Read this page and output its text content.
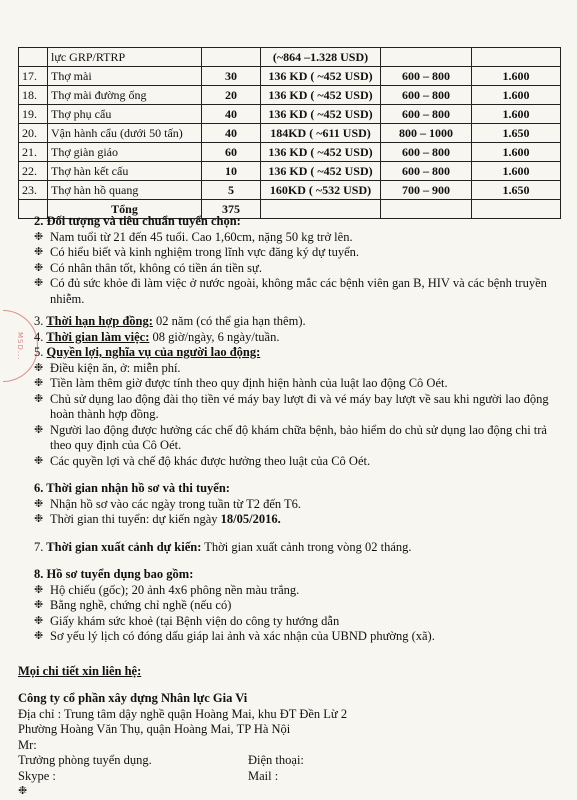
	lực GRP/RTRP		(~864 –1.328 USD)		
17.	Thợ mài	30	136 KD ( ~452 USD)	600 – 800	1.600
18.	Thợ mài đường ống	20	136 KD ( ~452 USD)	600 – 800	1.600
19.	Thợ phụ cẩu	40	136 KD ( ~452 USD)	600 – 800	1.600
20.	Vận hành cẩu (dưới 50 tấn)	40	184KD ( ~611 USD)	800 – 1000	1.650
21.	Thợ giàn giáo	60	136 KD ( ~452 USD)	600 – 800	1.600
22.	Thợ hàn kết cấu	10	136 KD ( ~452 USD)	600 – 800	1.600
23.	Thợ hàn hồ quang	5	160KD ( ~532 USD)	700 – 900	1.650
	Tổng	375			
MSD...

2. Đối tượng và tiêu chuẩn tuyển chọn:

❉ Nam tuổi từ 21 đến 45 tuổi. Cao 1,60cm, nặng 50 kg trở lên.
❉ Có hiểu biết và kinh nghiệm trong lĩnh vực đăng ký dự tuyển.
❉ Có nhân thân tốt, không có tiền án tiền sự.
❉ Có đủ sức khỏe đi làm việc ở nước ngoài, không mắc các bệnh viên gan B, HIV và các bệnh truyền nhiễm.

3. Thời hạn hợp đồng: 02 năm (có thể gia hạn thêm).

4. Thời gian làm việc: 08 giờ/ngày, 6 ngày/tuần.

5. Quyền lợi, nghĩa vụ của người lao động:

❉ Điều kiện ăn, ở: miễn phí.
❉ Tiền làm thêm giờ được tính theo quy định hiện hành của luật lao động Cô Oét.
❉ Chủ sử dụng lao động đài thọ tiền vé máy bay lượt đi và vé máy bay lượt về sau khi người lao động hoàn thành hợp đồng.
❉ Người lao động được hưởng các chế độ khám chữa bệnh, bảo hiểm do chủ sử dụng lao động chi trả theo quy định của Cô Oét.
❉ Các quyền lợi và chế độ khác được hưởng theo luật của Cô Oét.

6. Thời gian nhận hồ sơ và thi tuyển:

❉ Nhận hồ sơ vào các ngày trong tuần từ T2 đến T6.
❉ Thời gian thi tuyển: dự kiến ngày 18/05/2016.

7. Thời gian xuất cảnh dự kiến: Thời gian xuất cảnh trong vòng 02 tháng.

8. Hồ sơ tuyển dụng bao gồm:

❉ Hộ chiếu (gốc); 20 ảnh 4x6 phông nền màu trắng.
❉ Bằng nghề, chứng chỉ nghề (nếu có)
❉ Giấy khám sức khoẻ (tại Bệnh viện do công ty hướng dẫn
❉ Sơ yếu lý lịch có đóng dấu giáp lai ảnh và xác nhận của UBND phường (xã).
Mọi chi tiết xin liên hệ:
Công ty cổ phần xây dựng Nhân lực Gia Vi
Địa chỉ : Trung tâm dậy nghề quận Hoàng Mai, khu ĐT Đền Lừ 2
Phường Hoàng Văn Thụ, quận Hoàng Mai, TP Hà Nội
Mr:
Trưởng phòng tuyển dụng.	Điện thoại:
Skype :	Mail :
❉
